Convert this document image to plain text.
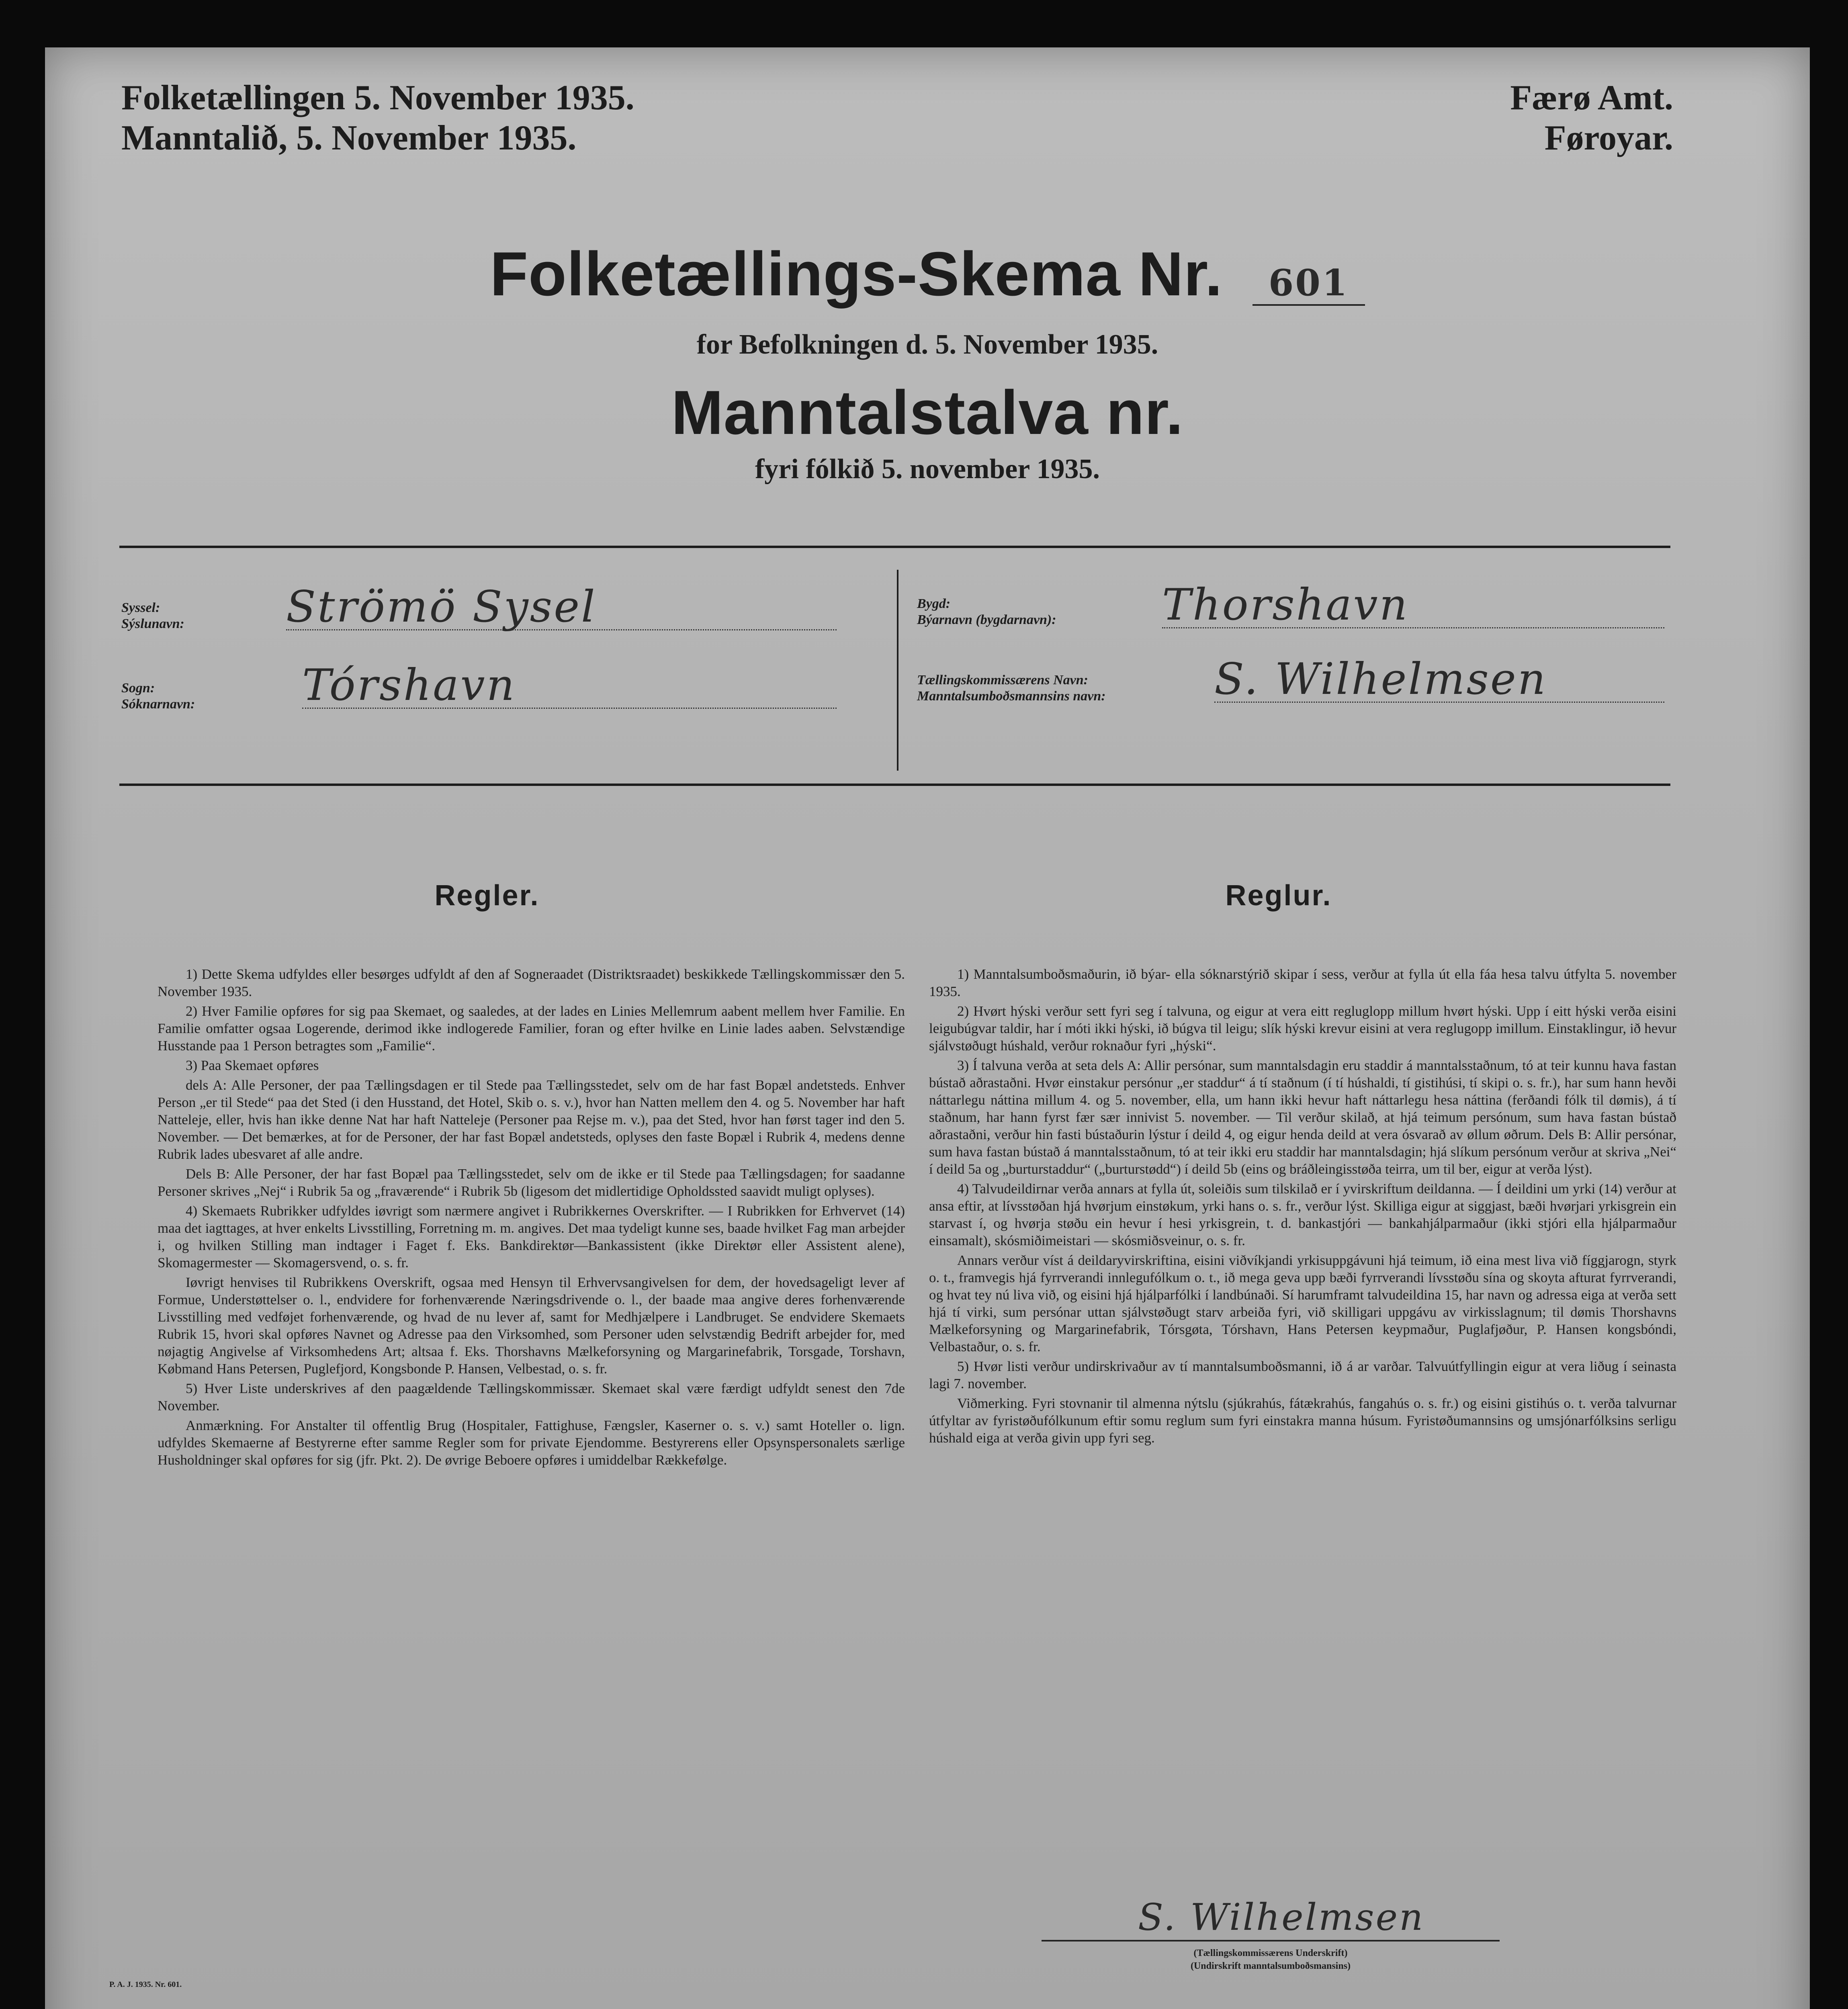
Folketællingen 5. November 1935.
Manntalið, 5. November 1935.
Færø Amt.
Føroyar.
Folketællings-Skema Nr. 601
for Befolkningen d. 5. November 1935.
Manntalstalva nr.
fyri fólkið 5. november 1935.
Syssel:
Sýslunavn: Strömö Sysel
Sogn:
Sóknarnavn: Tórshavn
Bygd:
Býarnavn (bygdarnavn): Thorshavn
Tællingskommissærens Navn:
Manntalsumboðsmannsins navn:	S. Wilhelmsen
Regler.	Reglur.

1) Dette Skema udfyldes eller besørges udfyldt af den af Sognerаadet (Distriktsraadet) beskikkede Tællingskommissær den 5. November 1935.

2) Hver Familie opføres for sig paa Skemaet, og saaledes, at der lades en Linies Mellemrum aabent mellem hver Familie. En Familie omfatter ogsaa Logerende, derimod ikke indlogerede Familier, foran og efter hvilke en Linie lades aaben. Selvstændige Husstande paa 1 Person betragtes som „Familie“.

3) Paa Skemaet opføres

dels A: Alle Personer, der paa Tællingsdagen er til Stede paa Tællingsstedet, selv om de har fast Bopæl andetsteds. Enhver Person „er til Stede“ paa det Sted (i den Husstand, det Hotel, Skib o. s. v.), hvor han Natten mellem den 4. og 5. November har haft Natteleje, eller, hvis han ikke denne Nat har haft Natteleje (Personer paa Rejse m. v.), paa det Sted, hvor han først tager ind den 5. November. — Det bemærkes, at for de Personer, der har fast Bopæl andetsteds, oplyses den faste Bopæl i Rubrik 4, medens denne Rubrik lades ubesvaret af alle andre.

Dels B: Alle Personer, der har fast Bopæl paa Tællingsstedet, selv om de ikke er til Stede paa Tællingsdagen; for saadanne Personer skrives „Nej“ i Rubrik 5a og „fraværende“ i Rubrik 5b (ligesom det midlertidige Opholdssted saavidt muligt oplyses).

4) Skemaets Rubrikker udfyldes iøvrigt som nærmere angivet i Rubrikkernes Overskrifter. — I Rubrikken for Erhvervet (14) maa det iagttages, at hver enkelts Livsstilling, Forretning m. m. angives. Det maa tydeligt kunne ses, baade hvilket Fag man arbejder i, og hvilken Stilling man indtager i Faget f. Eks. Bankdirektør—Bankassistent (ikke Direktør eller Assistent alene), Skomagermester — Skomagersvend, o. s. fr.

Iøvrigt henvises til Rubrikkens Overskrift, ogsaa med Hensyn til Erhvervsangivelsen for dem, der hovedsageligt lever af Formue, Understøttelser o. l., endvidere for forhenværende Næringsdrivende o. l., der baade maa angive deres forhenværende Livsstilling med vedføjet forhenværende, og hvad de nu lever af, samt for Medhjælpere i Landbruget. Se endvidere Skemaets Rubrik 15, hvori skal opføres Navnet og Adresse paa den Virksomhed, som Personer uden selvstændig Bedrift arbejder for, med nøjagtig Angivelse af Virksomhedens Art; altsaa f. Eks. Thorshavns Mælkeforsyning og Margarinefabrik, Torsgade, Torshavn, Købmand Hans Petersen, Puglefjord, Kongsbonde P. Hansen, Velbestad, o. s. fr.

5) Hver Liste underskrives af den paagældende Tællingskommissær. Skemaet skal være færdigt udfyldt senest den 7de November.

Anmærkning. For Anstalter til offentlig Brug (Hospitaler, Fattighuse, Fængsler, Kaserner o. s. v.) samt Hoteller o. lign. udfyldes Skemaerne af Bestyrerne efter samme Regler som for private Ejendomme. Bestyrerens eller Opsynspersonalets særlige Husholdninger skal opføres for sig (jfr. Pkt. 2). De øvrige Beboere opføres i umiddelbar Rækkefølge.

1) Manntalsumboðsmaðurin, ið býar- ella sóknarstýrið skipar í sess, verður at fylla út ella fáa hesa talvu útfylta 5. november 1935.

2) Hvørt hýski verður sett fyri seg í talvuna, og eigur at vera eitt regluglopp millum hvørt hýski. Upp í eitt hýski verða eisini leigubúgvar taldir, har í móti ikki hýski, ið búgva til leigu; slík hýski krevur eisini at vera reglugopp imillum. Einstaklingur, ið hevur sjálvstøðugt húshald, verður roknaður fyri „hýski“.

3) Í talvuna verða at seta dels A: Allir persónar, sum manntalsdagin eru staddir á manntalsstaðnum, tó at teir kunnu hava fastan bústað aðrastaðni. Hvør einstakur persónur „er staddur“ á tí staðnum (í tí húshaldi, tí gistihúsi, tí skipi o. s. fr.), har sum hann hevði náttarlegu náttina millum 4. og 5. november, ella, um hann ikki hevur haft náttarlegu hesa náttina (ferðandi fólk til dømis), á tí staðnum, har hann fyrst fær sær innivist 5. november. — Til verður skilað, at hjá teimum persónum, sum hava fastan bústað aðrastaðni, verður hin fasti bústaðurin lýstur í deild 4, og eigur henda deild at vera ósvarað av øllum øðrum. Dels B: Allir persónar, sum hava fastan bústað á manntalsstaðnum, tó at teir ikki eru staddir har manntalsdagin; hjá slíkum persónum verður at skriva „Nei“ í deild 5a og „burturstaddur“ („burturstødd“) í deild 5b (eins og bráðleingisstøða teirra, um til ber, eigur at verða lýst).

4) Talvudeildirnar verða annars at fylla út, soleiðis sum tilskilað er í yvirskriftum deildanna. — Í deildini um yrki (14) verður at ansa eftir, at lívsstøðan hjá hvørjum einstøkum, yrki hans o. s. fr., verður lýst. Skilliga eigur at siggjast, bæði hvørjari yrkisgrein ein starvast í, og hvørja støðu ein hevur í hesi yrkisgrein, t. d. bankastjóri — bankahjálparmaður (ikki stjóri ella hjálparmaður einsamalt), skósmiðimeistari — skósmiðsveinur, o. s. fr.

Annars verður víst á deildaryvirskriftina, eisini viðvíkjandi yrkisuppgávuni hjá teimum, ið eina mest liva við fíggjarogn, styrk o. t., framvegis hjá fyrrverandi innlegufólkum o. t., ið mega geva upp bæði fyrrverandi lívsstøðu sína og skoyta afturat fyrrverandi, og hvat tey nú liva við, og eisini hjá hjálparfólki í landbúnaði. Sí harumframt talvudeildina 15, har navn og adressa eiga at verða sett hjá tí virki, sum persónar uttan sjálvstøðugt starv arbeiða fyri, við skilligari uppgávu av virkisslagnum; til dømis Thorshavns Mælkeforsyning og Margarinefabrik, Tórsgøta, Tórshavn, Hans Petersen keypmaður, Puglafjøður, P. Hansen kongsbóndi, Velbastaður, o. s. fr.

5) Hvør listi verður undirskrivaður av tí manntalsumboðsmanni, ið á ar varðar. Talvuútfyllingin eigur at vera liðug í seinasta lagi 7. november.

Viðmerking. Fyri stovnanir til almenna nýtslu (sjúkrahús, fátækrahús, fangahús o. s. fr.) og eisini gistihús o. t. verða talvurnar útfyltar av fyristøðufólkunum eftir somu reglum sum fyri einstakra manna húsum. Fyristøðumannsins og umsjónarfólksins serligu húshald eiga at verða givin upp fyri seg.

S. Wilhelmsen
(Tællingskommissærens Underskrift)
(Undirskrift manntalsumboðsmansins)
P. A. J. 1935. Nr. 601.
